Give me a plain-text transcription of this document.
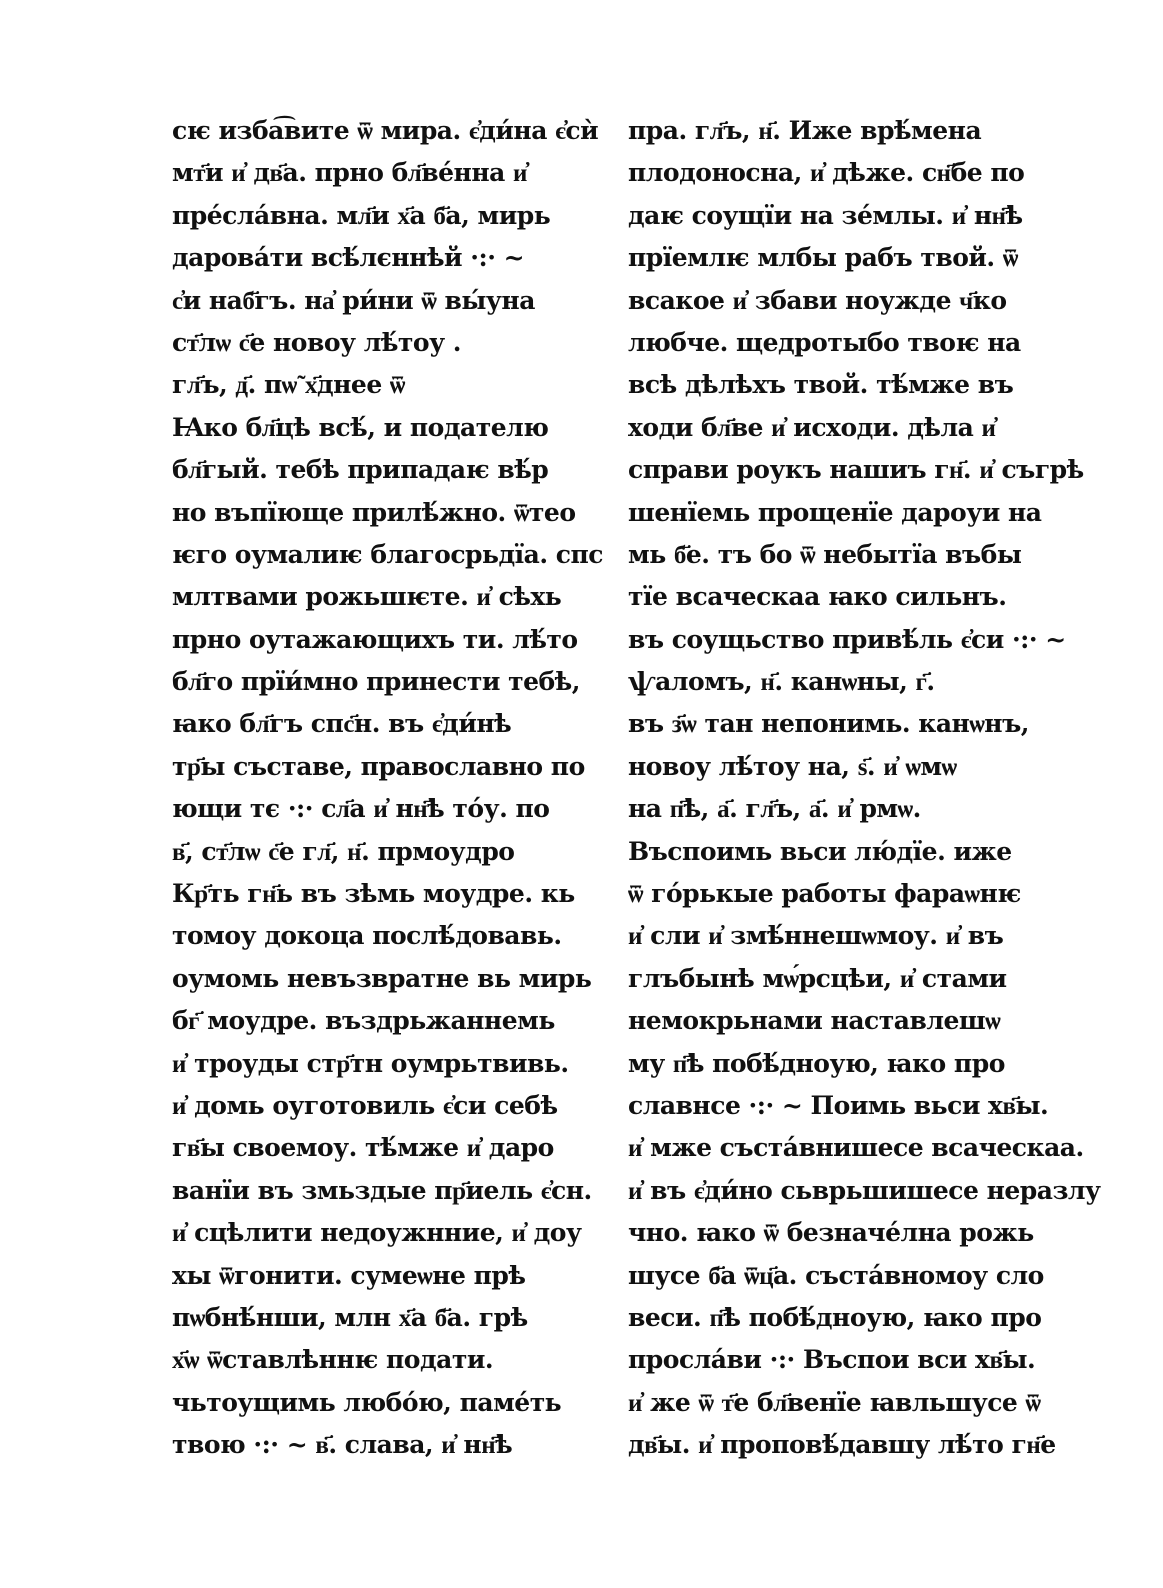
сѥ изба͡вите ѿ мира. є҆ди́на є҆сѝ
мт҃и и҆ дв҃а. прно бл҃ве́нна и҆
пре́сла́вна. мл҃и х҃а б҃а, мирь
дарова́ти всѣ́лєннѣй ·:· ~
с҆и наб҃гъ. на҆ ри́ни ѿ вы́уна
ст҃лѡ с҃е новоу лѣ́тоу .
гл҃ъ, д҃. пѡ̃ х҃днее ѿ
Ꙗко бл҃цѣ всѣ́, и подателю
бл҃гый. тебѣ припадаѥ вѣ́р
но въпїюще прилѣ́жно. ѿтео
ѥго оумалиѥ благосрьдїа. спс
млтвами рожьшѥте. и҆ сѣхь
прно оутажающихъ ти. лѣ́то
бл҃го прїи́мно принести тебѣ,
ꙗко бл҃гъ спс҃н. въ є҆ди́нѣ
тр҃ы съставе, православно по
ющи тє ·:· сл҃а и҆ нн҃ѣ то́у. по
в҃, ст҃лѡ с҃е гл҃, н҃. прмоудро
Кр҃ть гн҃ь въ зѣмь моудре. кь
томоу докоца послѣ́довавь.
оумомь невъзвратне вь мирь
бг҃ моудре. въздрьжаннемь
и҆ троуды стр҃тн оумрьтвивь.
и҆ домь оуготовиль є҆си себѣ
гв҃ы своемоу. тѣ́мже и҆ даро
ванїи въ змьздые пр҃иель є҆сн.
и҆ сцѣлити недоужнние, и҆ доу
хы ѿгонити. сумеѡне прѣ
пѡбнѣ́нши, млн х҃а б҃а. грѣ
х҃ѡ ѿставлѣннѥ подати.
чьтоущимь любо́ю, паме́ть
твою ·:· ~ в҃. слава, и҆ нн҃ѣ
пра. гл҃ъ, н҃. Иже врѣ́мена
плодоносна, и҆ дѣже. сн҃бе по
даѥ соущїи на зе́млы. и҆ нн҃ѣ
прїемлѥ млбы рабъ твой. ѿ
всакое и҆ збави ноужде ч҃ко
любче. щедротыбо твоѥ на
всѣ дѣлѣхъ твой. тѣ́мже въ
ходи бл҃ве и҆ исходи. дѣла и҆
справи роукъ нашиъ гн҃. и҆ съгрѣ
шенїемь прощенїе дароуи на
мь б҃е. тъ бо ѿ небытїа въбы
тїе всаческаа ꙗко сильнъ.
въ соущьство привѣ́ль є҆си ·:· ~
ѱаломъ, н҃. канѡны, г҃.
въ з҃ѡ тан непонимь. канѡнъ,
новоу лѣ́тоу на, ѕ҃. и҆ ѡмѡ
на п҃ѣ, а҃. гл҃ъ, а҃. и҆ рмѡ.
Въспоимь вьси лю́дїе. иже
ѿ го́рькые работы фараѡнѥ
и҆ сли и҆ змѣ́ннешѡмоу. и҆ въ
глъбынѣ мѡ́рсцѣи, и҆ стами
немокрьнами наставлешѡ
му п҃ѣ побѣ́дноую, ꙗко про
славнсе ·:· ~ Поимь вьси хв҃ы.
и҆ мже съста́внишесе всаческаа.
и҆ въ є҆ди́но сьврьшишесе неразлу
чно. ꙗко ѿ безначе́лна рожь
шусе б҃а ѿц҃а. съста́вномоу сло
веси. п҃ѣ побѣ́дноую, ꙗко про
просла́ви ·:· Въспои вси хв҃ы.
и҆ же ѿ т҃е бл҃венїе ꙗвльшусе ѿ
дв҃ы. и҆ проповѣ́давшу лѣ́то гн҃е
